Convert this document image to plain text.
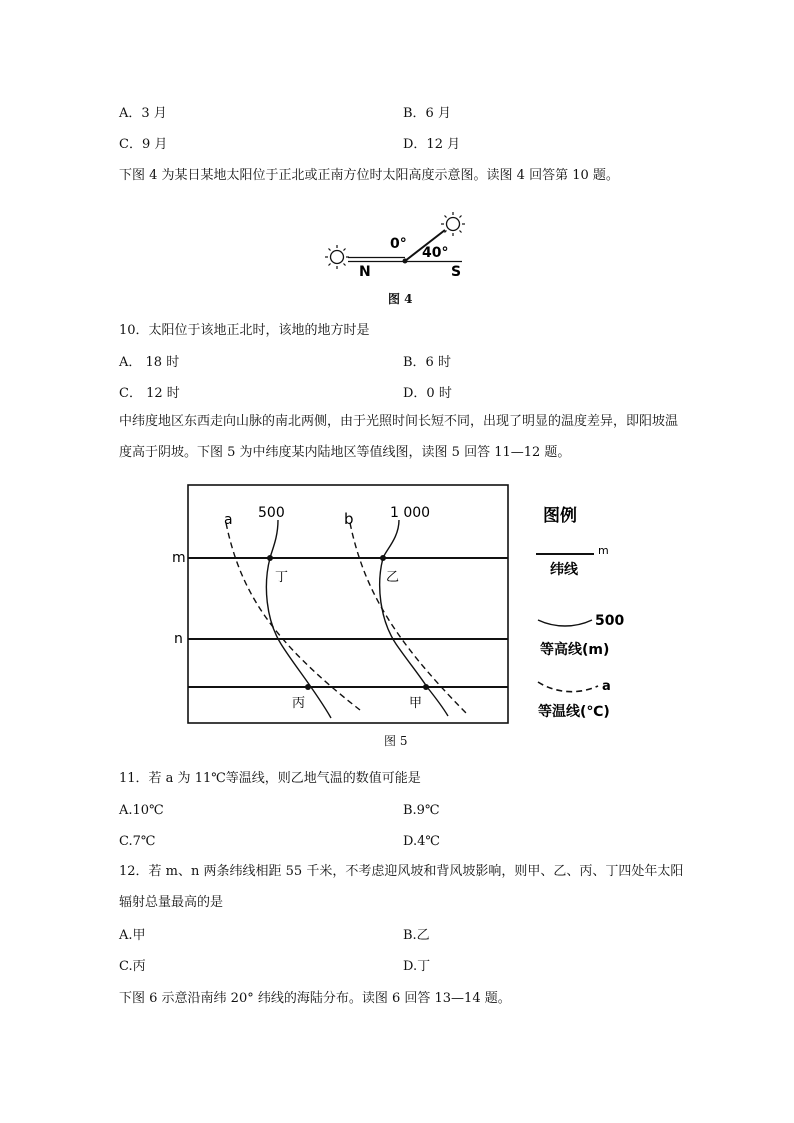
A．3 月	B．6 月
C．9 月	D．12 月
下图 4 为某日某地太阳位于正北或正南方位时太阳高度示意图。读图 4 回答第 10 题。
0°
40°
N	S
图 4
10．太阳位于该地正北时，该地的地方时是
A． 18 时	B．6 时
C． 12 时	D．0 时
中纬度地区东西走向山脉的南北两侧，由于光照时间长短不同，出现了明显的温度差异，即阳坡温度高于阴坡。下图 5 为中纬度某内陆地区等值线图，读图 5 回答 11—12 题。
m
n
500	1 000
a	b
丁	乙
丙	甲
图例
m
纬线
500
等高线(m)
a
等温线(℃)
图 5
11．若 a 为 11℃等温线，则乙地气温的数值可能是
A.10℃	B.9℃
C.7℃	D.4℃
12．若 m、n 两条纬线相距 55 千米，不考虑迎风坡和背风坡影响，则甲、乙、丙、丁四处年太阳辐射总量最高的是
A.甲	B.乙
C.丙	D.丁
下图 6 示意沿南纬 20° 纬线的海陆分布。读图 6 回答 13—14 题。
